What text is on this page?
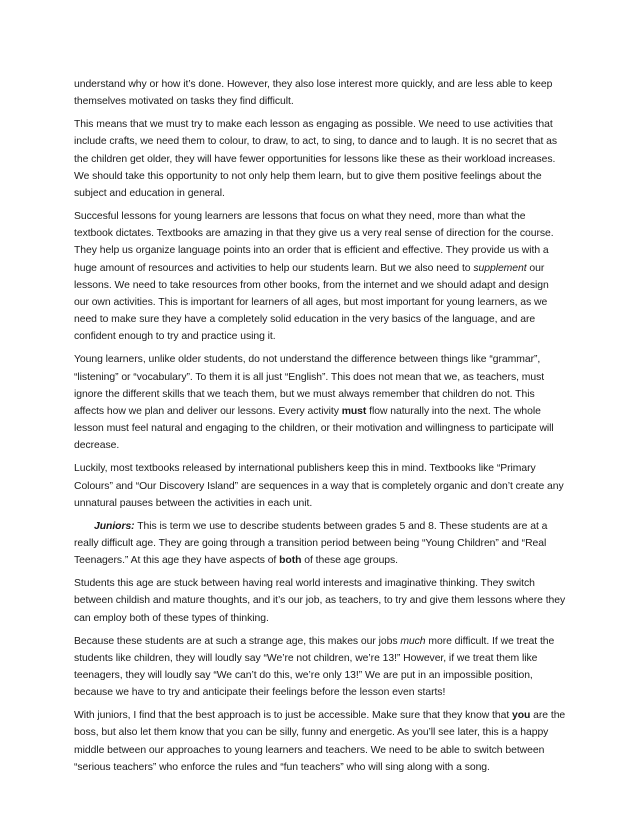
understand why or how it’s done. However, they also lose interest more quickly, and are less able to keep themselves motivated on tasks they find difficult.

This means that we must try to make each lesson as engaging as possible. We need to use activities that include crafts, we need them to colour, to draw, to act, to sing, to dance and to laugh. It is no secret that as the children get older, they will have fewer opportunities for lessons like these as their workload increases. We should take this opportunity to not only help them learn, but to give them positive feelings about the subject and education in general.

Succesful lessons for young learners are lessons that focus on what they need, more than what the textbook dictates. Textbooks are amazing in that they give us a very real sense of direction for the course. They help us organize language points into an order that is efficient and effective. They provide us with a huge amount of resources and activities to help our students learn. But we also need to supplement our lessons. We need to take resources from other books, from the internet and we should adapt and design our own activities. This is important for learners of all ages, but most important for young learners, as we need to make sure they have a completely solid education in the very basics of the language, and are confident enough to try and practice using it.

Young learners, unlike older students, do not understand the difference between things like “grammar”, “listening” or “vocabulary”. To them it is all just “English”. This does not mean that we, as teachers, must ignore the different skills that we teach them, but we must always remember that children do not. This affects how we plan and deliver our lessons. Every activity must flow naturally into the next. The whole lesson must feel natural and engaging to the children, or their motivation and willingness to participate will decrease.

Luckily, most textbooks released by international publishers keep this in mind. Textbooks like “Primary Colours” and “Our Discovery Island” are sequences in a way that is completely organic and don’t create any unnatural pauses between the activities in each unit.

Juniors: This is term we use to describe students between grades 5 and 8. These students are at a really difficult age. They are going through a transition period between being “Young Children” and “Real Teenagers.” At this age they have aspects of both of these age groups.

Students this age are stuck between having real world interests and imaginative thinking. They switch between childish and mature thoughts, and it’s our job, as teachers, to try and give them lessons where they can employ both of these types of thinking.

Because these students are at such a strange age, this makes our jobs much more difficult. If we treat the students like children, they will loudly say “We’re not children, we’re 13!” However, if we treat them like teenagers, they will loudly say “We can’t do this, we’re only 13!” We are put in an impossible position, because we have to try and anticipate their feelings before the lesson even starts!

With juniors, I find that the best approach is to just be accessible. Make sure that they know that you are the boss, but also let them know that you can be silly, funny and energetic. As you’ll see later, this is a happy middle between our approaches to young learners and teachers. We need to be able to switch between “serious teachers” who enforce the rules and “fun teachers” who will sing along with a song.
